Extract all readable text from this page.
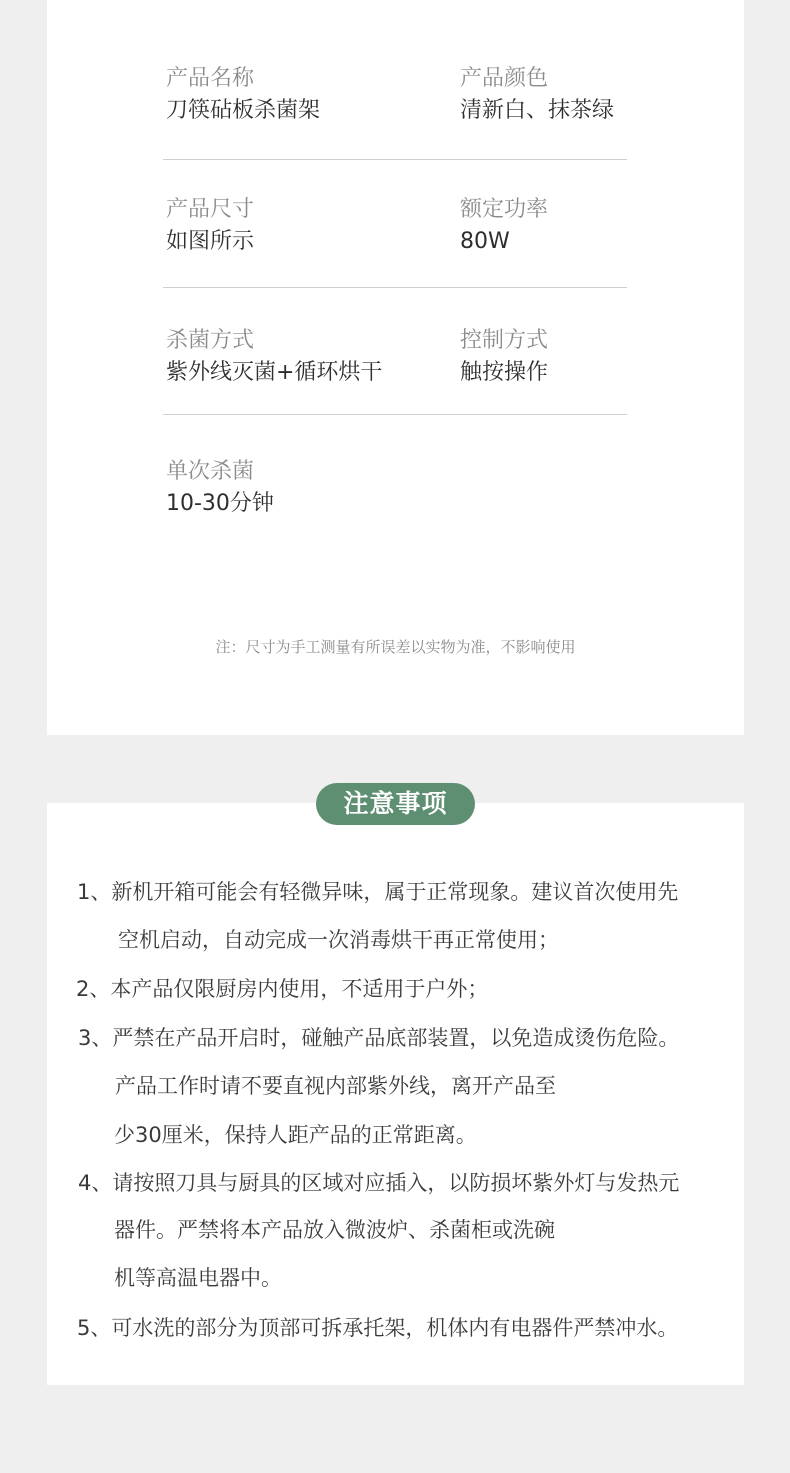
产品名称
刀筷砧板杀菌架
产品颜色
清新白、抹茶绿
产品尺寸
如图所示
额定功率
80W
杀菌方式
紫外线灭菌+循环烘干
控制方式
触按操作
单次杀菌
10-30分钟
注：尺寸为手工测量有所误差以实物为准，不影响使用
1、新机开箱可能会有轻微异味，属于正常现象。建议首次使用先
空机启动，自动完成一次消毒烘干再正常使用；
2、本产品仅限厨房内使用，不适用于户外；
3、严禁在产品开启时，碰触产品底部装置，以免造成烫伤危险。
产品工作时请不要直视内部紫外线，离开产品至
少30厘米，保持人距产品的正常距离。
4、请按照刀具与厨具的区域对应插入，以防损坏紫外灯与发热元
器件。严禁将本产品放入微波炉、杀菌柜或洗碗
机等高温电器中。
5、可水洗的部分为顶部可拆承托架，机体内有电器件严禁冲水。
注意事项
